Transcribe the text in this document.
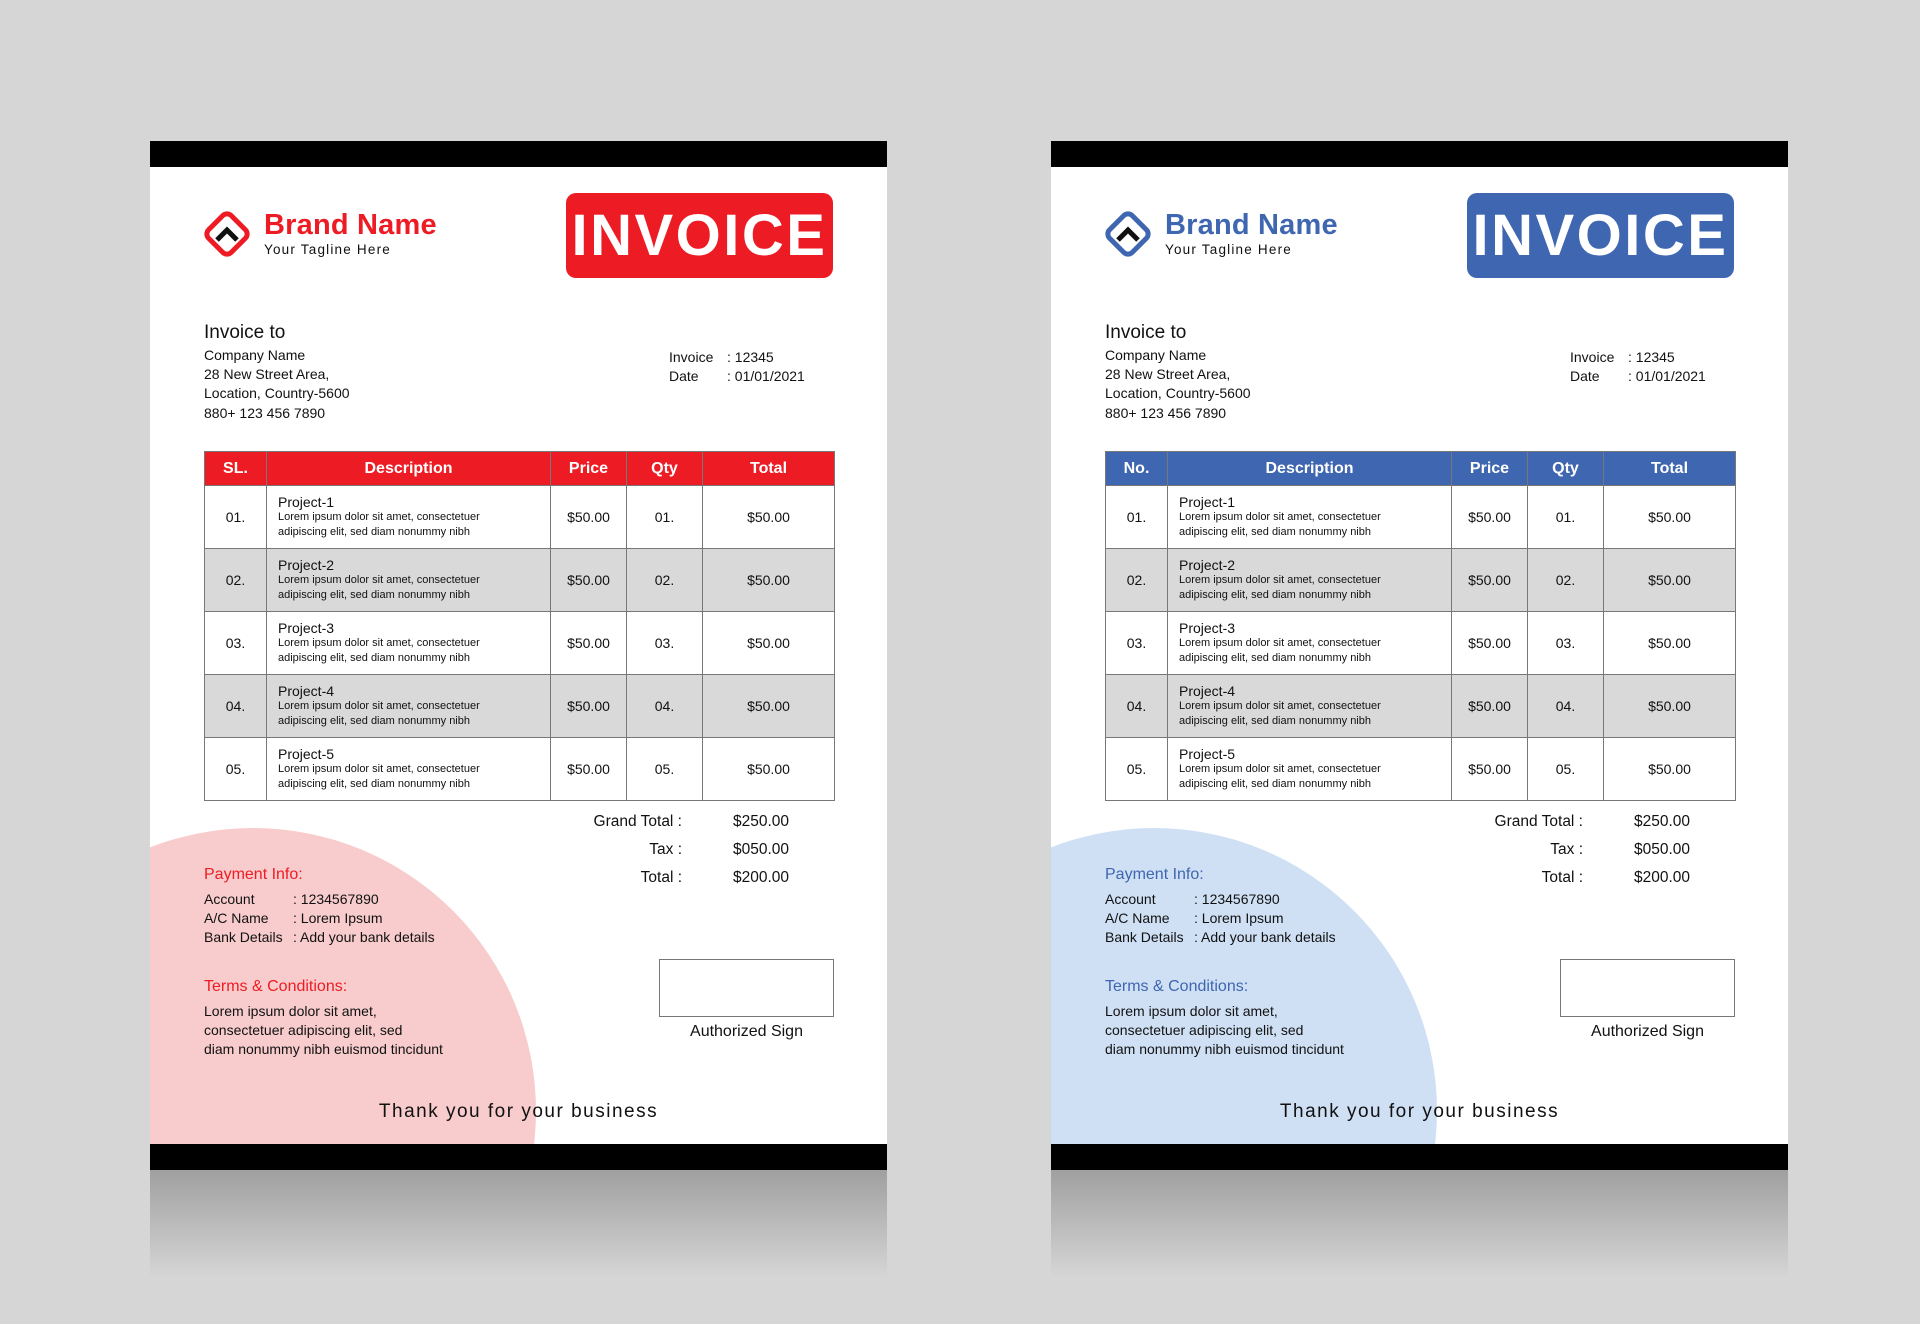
Brand Name
Your Tagline Here	INVOICE
Invoice to
Company Name
28 New Street Area,
Location, Country-5600
880+ 123 456 7890
Invoice : 12345
Date : 01/01/2021
SL.	Description	Price	Qty	Total
01.	Project-1
Lorem ipsum dolor sit amet, consectetuer
adipiscing elit, sed diam nonummy nibh	$50.00	01.	$50.00
02.	Project-2
Lorem ipsum dolor sit amet, consectetuer
adipiscing elit, sed diam nonummy nibh	$50.00	02.	$50.00
03.	Project-3
Lorem ipsum dolor sit amet, consectetuer
adipiscing elit, sed diam nonummy nibh	$50.00	03.	$50.00
04.	Project-4
Lorem ipsum dolor sit amet, consectetuer
adipiscing elit, sed diam nonummy nibh	$50.00	04.	$50.00
05.	Project-5
Lorem ipsum dolor sit amet, consectetuer
adipiscing elit, sed diam nonummy nibh	$50.00	05.	$50.00
Grand Total :	$250.00
Tax :	$050.00
Total :	$200.00
Payment Info:
Account	: 1234567890
A/C Name : Lorem Ipsum
Bank Details : Add your bank details
Terms & Conditions:
Lorem ipsum dolor sit amet,
consectetuer adipiscing elit, sed
diam nonummy nibh euismod tincidunt
Authorized Sign
Thank you for your business
Brand Name
Your Tagline Here	INVOICE
Invoice to
Company Name
28 New Street Area,
Location, Country-5600
880+ 123 456 7890
Invoice : 12345
Date : 01/01/2021
No.	Description	Price	Qty	Total
01.	Project-1
Lorem ipsum dolor sit amet, consectetuer
adipiscing elit, sed diam nonummy nibh	$50.00	01.	$50.00
02.	Project-2
Lorem ipsum dolor sit amet, consectetuer
adipiscing elit, sed diam nonummy nibh	$50.00	02.	$50.00
03.	Project-3
Lorem ipsum dolor sit amet, consectetuer
adipiscing elit, sed diam nonummy nibh	$50.00	03.	$50.00
04.	Project-4
Lorem ipsum dolor sit amet, consectetuer
adipiscing elit, sed diam nonummy nibh	$50.00	04.	$50.00
05.	Project-5
Lorem ipsum dolor sit amet, consectetuer
adipiscing elit, sed diam nonummy nibh	$50.00	05.	$50.00
Grand Total :	$250.00
Tax :	$050.00
Total :	$200.00
Payment Info:
Account	: 1234567890
A/C Name : Lorem Ipsum
Bank Details : Add your bank details
Terms & Conditions:
Lorem ipsum dolor sit amet,
consectetuer adipiscing elit, sed
diam nonummy nibh euismod tincidunt
Authorized Sign
Thank you for your business
